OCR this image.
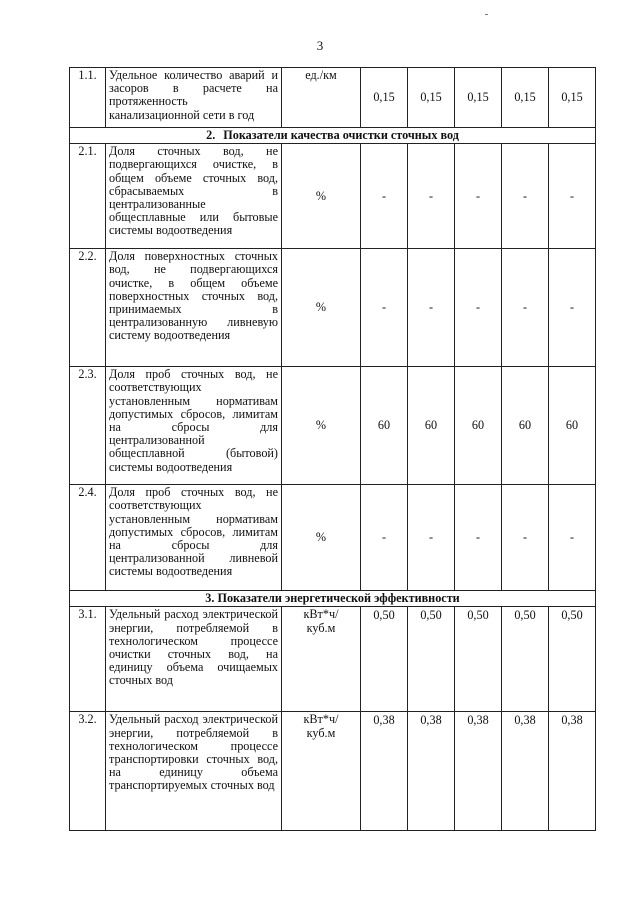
3
1.1.	Удельное количество аварий и засоров в расчете на протяженность канализационной сети в год	ед./км	0,15	0,15	0,15	0,15	0,15
2. Показатели качества очистки сточных вод							
2.1.	Доля сточных вод, не подвергающихся очистке, в общем объеме сточных вод, сбрасываемых в централизованные общесплавные или бытовые системы водоотведения	%	-	-	-	-	-
2.2.	Доля поверхностных сточных вод, не подвергающихся очистке, в общем объеме поверхностных сточных вод, принимаемых в централизованную ливневую систему водоотведения	%	-	-	-	-	-
2.3.	Доля проб сточных вод, не соответствующих установленным нормативам допустимых сбросов, лимитам на сбросы для централизованной общесплавной (бытовой) системы водоотведения	%	60	60	60	60	60
2.4.	Доля проб сточных вод, не соответствующих установленным нормативам допустимых сбросов, лимитам на сбросы для централизованной ливневой системы водоотведения	%	-	-	-	-	-
3. Показатели энергетической эффективности							
3.1.	Удельный расход электрической энергии, потребляемой в технологическом процессе очистки сточных вод, на единицу объема очищаемых сточных вод	кВт*ч/
куб.м	0,50	0,50	0,50	0,50	0,50
3.2.	Удельный расход электрической энергии, потребляемой в технологическом процессе транспортировки сточных вод, на единицу объема транспортируемых сточных вод	кВт*ч/
куб.м	0,38	0,38	0,38	0,38	0,38
